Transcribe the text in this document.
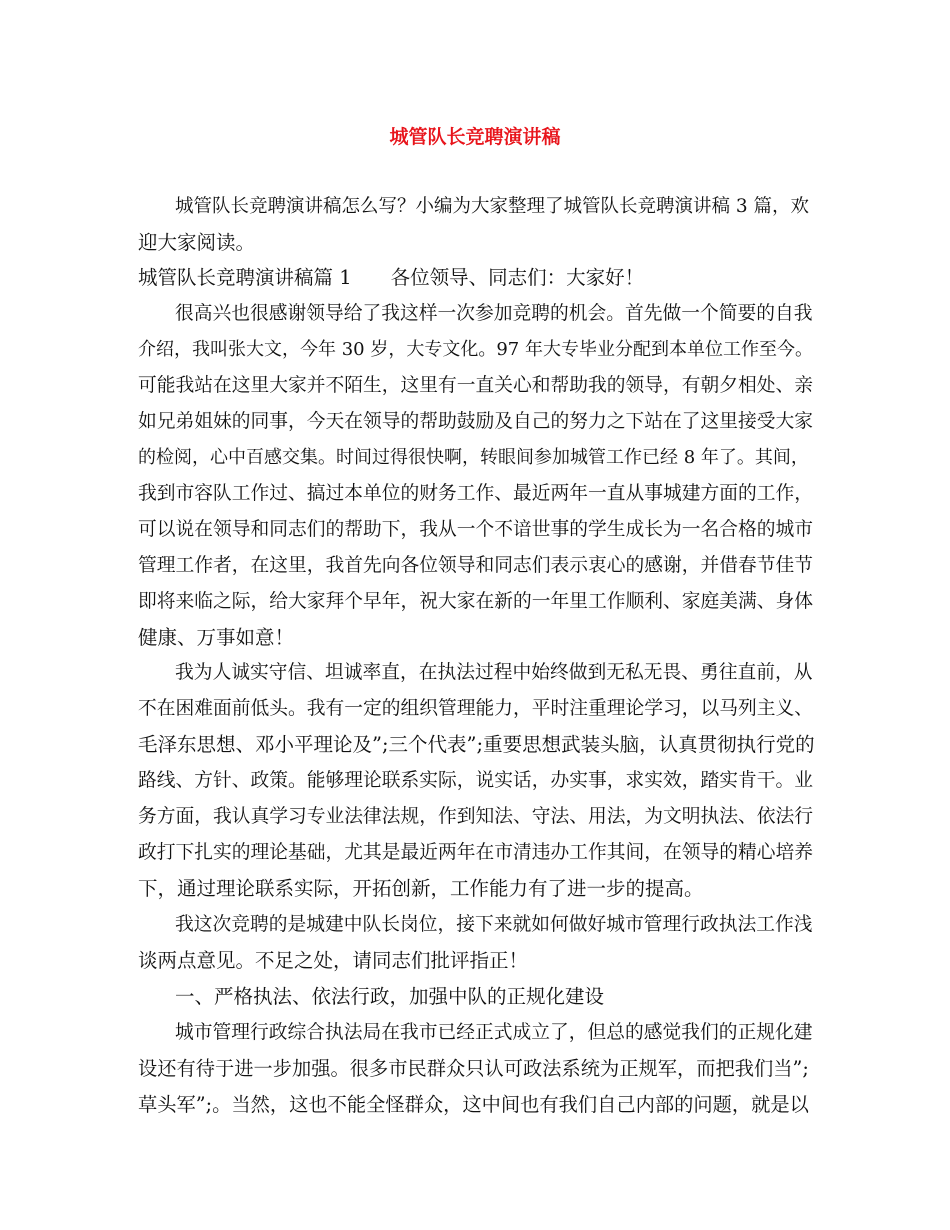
城管队长竞聘演讲稿

城管队长竞聘演讲稿怎么写？小编为大家整理了城管队长竞聘演讲稿 3 篇，欢

迎大家阅读。

城管队长竞聘演讲稿篇 1　　各位领导、同志们：大家好！

很高兴也很感谢领导给了我这样一次参加竞聘的机会。首先做一个简要的自我

介绍，我叫张大文，今年 30 岁，大专文化。97 年大专毕业分配到本单位工作至今。

可能我站在这里大家并不陌生，这里有一直关心和帮助我的领导，有朝夕相处、亲

如兄弟姐妹的同事，今天在领导的帮助鼓励及自己的努力之下站在了这里接受大家

的检阅，心中百感交集。时间过得很快啊，转眼间参加城管工作已经 8 年了。其间，

我到市容队工作过、搞过本单位的财务工作、最近两年一直从事城建方面的工作，

可以说在领导和同志们的帮助下，我从一个不谙世事的学生成长为一名合格的城市

管理工作者，在这里，我首先向各位领导和同志们表示衷心的感谢，并借春节佳节

即将来临之际，给大家拜个早年，祝大家在新的一年里工作顺利、家庭美满、身体

健康、万事如意！

我为人诚实守信、坦诚率直，在执法过程中始终做到无私无畏、勇往直前，从

不在困难面前低头。我有一定的组织管理能力，平时注重理论学习，以马列主义、

毛泽东思想、邓小平理论及”;三个代表”;重要思想武装头脑，认真贯彻执行党的

路线、方针、政策。能够理论联系实际，说实话，办实事，求实效，踏实肯干。业

务方面，我认真学习专业法律法规，作到知法、守法、用法，为文明执法、依法行

政打下扎实的理论基础，尤其是最近两年在市清违办工作其间，在领导的精心培养

下，通过理论联系实际，开拓创新，工作能力有了进一步的提高。

我这次竞聘的是城建中队长岗位，接下来就如何做好城市管理行政执法工作浅

谈两点意见。不足之处，请同志们批评指正！

一、严格执法、依法行政，加强中队的正规化建设

城市管理行政综合执法局在我市已经正式成立了，但总的感觉我们的正规化建

设还有待于进一步加强。很多市民群众只认可政法系统为正规军，而把我们当”;

草头军”;。当然，这也不能全怪群众，这中间也有我们自己内部的问题，就是以
